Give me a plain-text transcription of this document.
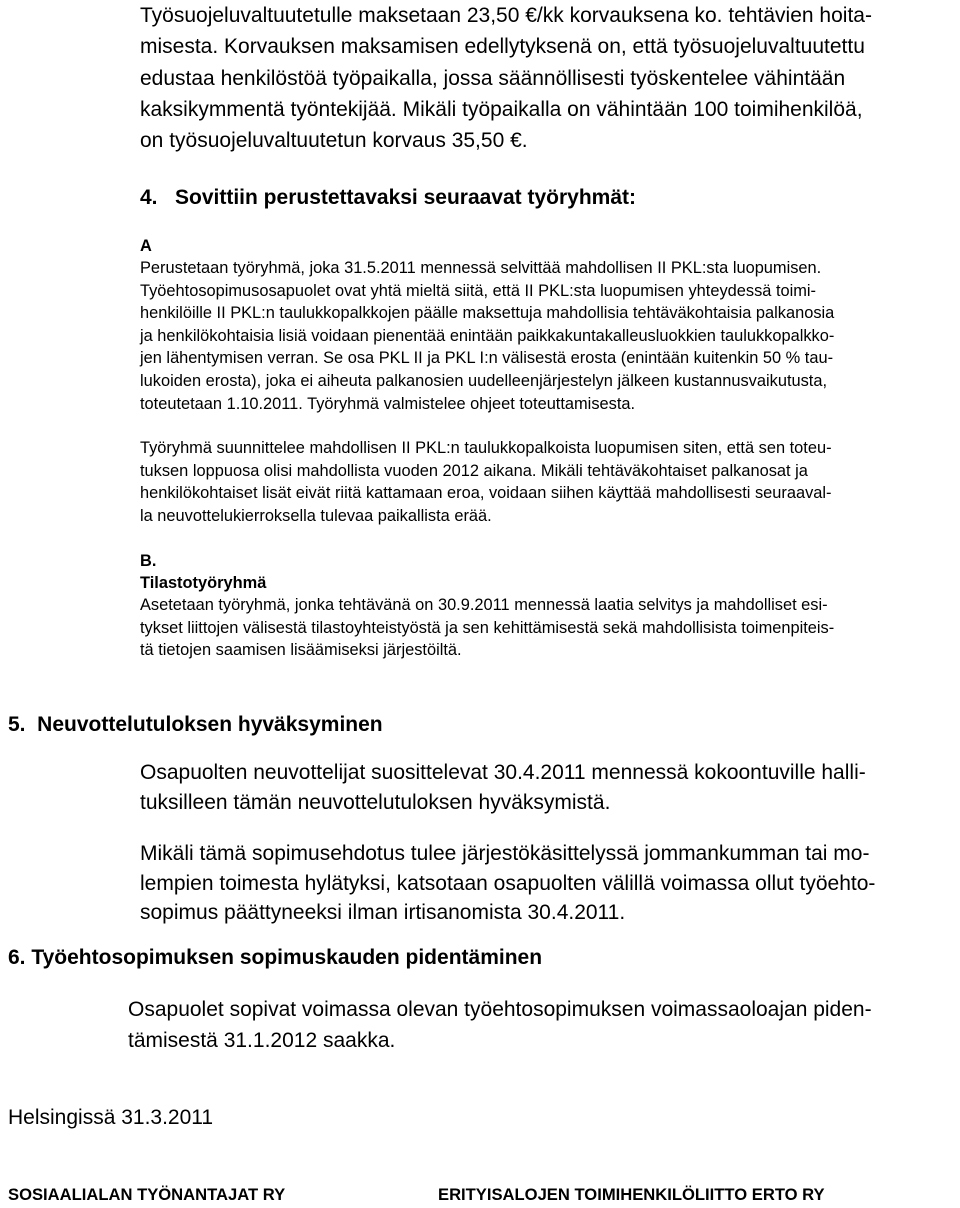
Työsuojeluvaltuutetulle maksetaan 23,50 €/kk korvauksena ko. tehtävien hoita-
misesta. Korvauksen maksamisen edellytyksenä on, että työsuojeluvaltuutettu
edustaa henkilöstöä työpaikalla, jossa säännöllisesti työskentelee vähintään
kaksikymmentä työntekijää. Mikäli työpaikalla on vähintään 100 toimihenkilöä,
on työsuojeluvaltuutetun korvaus 35,50 €.
4.   Sovittiin perustettavaksi seuraavat työryhmät:
A
Perustetaan työryhmä, joka 31.5.2011 mennessä selvittää mahdollisen II PKL:sta luopumisen.
Työehtosopimusosapuolet ovat yhtä mieltä siitä, että II PKL:sta luopumisen yhteydessä toimi-
henkilöille II PKL:n taulukkopalkkojen päälle maksettuja mahdollisia tehtäväkohtaisia palkanosia
ja henkilökohtaisia lisiä voidaan pienentää enintään paikkakuntakalleusluokkien taulukkopalkko-
jen lähentymisen verran. Se osa PKL II ja PKL I:n välisestä erosta (enintään kuitenkin 50 % tau-
lukoiden erosta), joka ei aiheuta palkanosien uudelleenjärjestelyn jälkeen kustannusvaikutusta,
toteutetaan 1.10.2011. Työryhmä valmistelee ohjeet toteuttamisesta.
Työryhmä suunnittelee mahdollisen II PKL:n taulukkopalkoista luopumisen siten, että sen toteu-
tuksen loppuosa olisi mahdollista vuoden 2012 aikana. Mikäli tehtäväkohtaiset palkanosat ja
henkilökohtaiset lisät eivät riitä kattamaan eroa, voidaan siihen käyttää mahdollisesti seuraaval-
la neuvottelukierroksella tulevaa paikallista erää.
B.
Tilastotyöryhmä
Asetetaan työryhmä, jonka tehtävänä on 30.9.2011 mennessä laatia selvitys ja mahdolliset esi-
tykset liittojen välisestä tilastoyhteistyöstä ja sen kehittämisestä sekä mahdollisista toimenpiteis-
tä tietojen saamisen lisäämiseksi järjestöiltä.
5.  Neuvottelutuloksen hyväksyminen
Osapuolten neuvottelijat suosittelevat 30.4.2011 mennessä kokoontuville halli-
tuksilleen tämän neuvottelutuloksen hyväksymistä.
Mikäli tämä sopimusehdotus tulee järjestökäsittelyssä jommankumman tai mo-
lempien toimesta hylätyksi, katsotaan osapuolten välillä voimassa ollut työehto-
sopimus päättyneeksi ilman irtisanomista 30.4.2011.
6. Työehtosopimuksen sopimuskauden pidentäminen
Osapuolet sopivat voimassa olevan työehtosopimuksen voimassaoloajan piden-
tämisestä 31.1.2012 saakka.
Helsingissä 31.3.2011
SOSIAALIALAN TYÖNANTAJAT RY	ERITYISALOJEN TOIMIHENKILÖLIITTO ERTO RY
